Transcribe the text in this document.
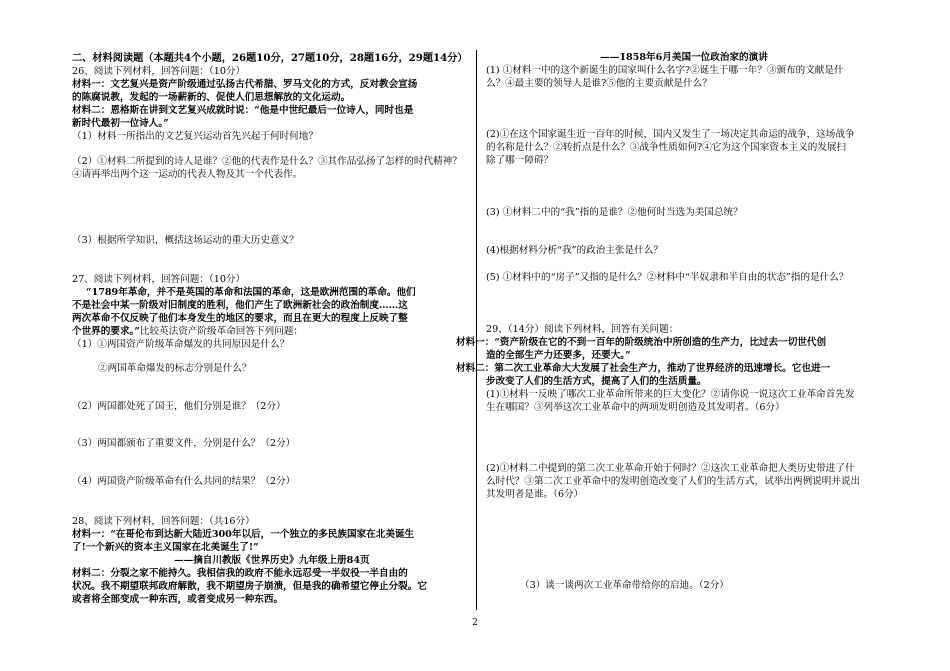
二、材料阅读题（本题共4个小题，26题10分，27题10分，28题16分，29题14分）
26、阅读下列材料，回答问题：（10分）
材料一：文艺复兴是资产阶级通过弘扬古代希腊、罗马文化的方式，反对教会宣扬
的陈腐说教，发起的一场薪新的、促使人们思想解放的文化运动。
材料二：恩格斯在讲到文艺复兴成就时说：“他是中世纪最后一位诗人，同时也是
新时代最初一位诗人。”
（1）材料一所指出的文艺复兴运动首先兴起于何时何地？
（2）①材料二所提到的诗人是谁？②他的代表作是什么？③其作品弘扬了怎样的时代精神？
④请再举出两个这一运动的代表人物及其一个代表作。
（3）根据所学知识，概括这场运动的重大历史意义？
27、阅读下列材料，回答问题：（10分）
“1789年革命，并不是英国的革命和法国的革命，这是欧洲范围的革命。他们
不是社会中某一阶级对旧制度的胜利，他们产生了欧洲新社会的政治制度……这
两次革命不仅反映了他们本身发生的地区的要求，而且在更大的程度上反映了整
个世界的要求。”比较英法资产阶级革命回答下列问题：
（1）①两国资产阶级革命爆发的共同原因是什么？
②两国革命爆发的标志分别是什么？
（2）两国都处死了国王，他们分别是谁？（2分）
（3）两国都颁布了重要文件，分别是什么？（2分）
（4）两国资产阶级革命有什么共同的结果？（2分）
28、阅读下列材料，回答问题：（共16分）
材料一：“在哥伦布到达新大陆近300年以后，一个独立的多民族国家在北美诞生
了!一个新兴的资本主义国家在北美诞生了!”
——摘自川教版《世界历史》九年级上册84页
材料二：分裂之家不能持久。我相信我的政府不能永远忍受一半奴役一半自由的
状况。我不期望联邦政府解散，我不期望房子崩溃，但是我的确希望它停止分裂。它
或者将全部变成一种东西，或者变成另一种东西。
——1858年6月美国一位政治家的演讲
(1) ①材料一中的这个新诞生的国家叫什么名字?②诞生于哪一年？③颁布的文献是什
么？④最主要的领导人是谁?⑤他的主要贡献是什么？
(2)①在这个国家诞生近一百年的时候，国内又发生了一场决定其命运的战争，这场战争
的名称是什么？②转折点是什么？③战争性质如何?④它为这个国家资本主义的发展扫
除了哪一障碍？
(3) ①材料二中的“我”指的是谁？②他何时当选为美国总统？
(4)根据材料分析“我”的政治主张是什么？
(5) ①材料中的“房子”又指的是什么？②材料中“半奴隶和半自由的状态”指的是什么？
29、（14分）阅读下列材料，回答有关问题：
材料一：“资产阶级在它的不到一百年的阶级统治中所创造的生产力，比过去一切世代创
造的全部生产力还要多，还要大。”
材料二：第二次工业革命大大发展了社会生产力，推动了世界经济的迅速增长。它也进一
步改变了人们的生活方式，提高了人们的生活质量。
(1)①材料一反映了哪次工业革命所带来的巨大变化？②请你说一说这次工业革命首先发
生在哪国？③列举这次工业革命中的两项发明创造及其发明者。（6分）
(2)①材料二中提到的第二次工业革命开始于何时？②这次工业革命把人类历史带进了什
么时代？③第二次工业革命中的发明创造改变了人们的生活方式，试举出两例说明并说出
其发明者是谁。（6分）
（3）谈一谈两次工业革命带给你的启迪。（2分）
2
